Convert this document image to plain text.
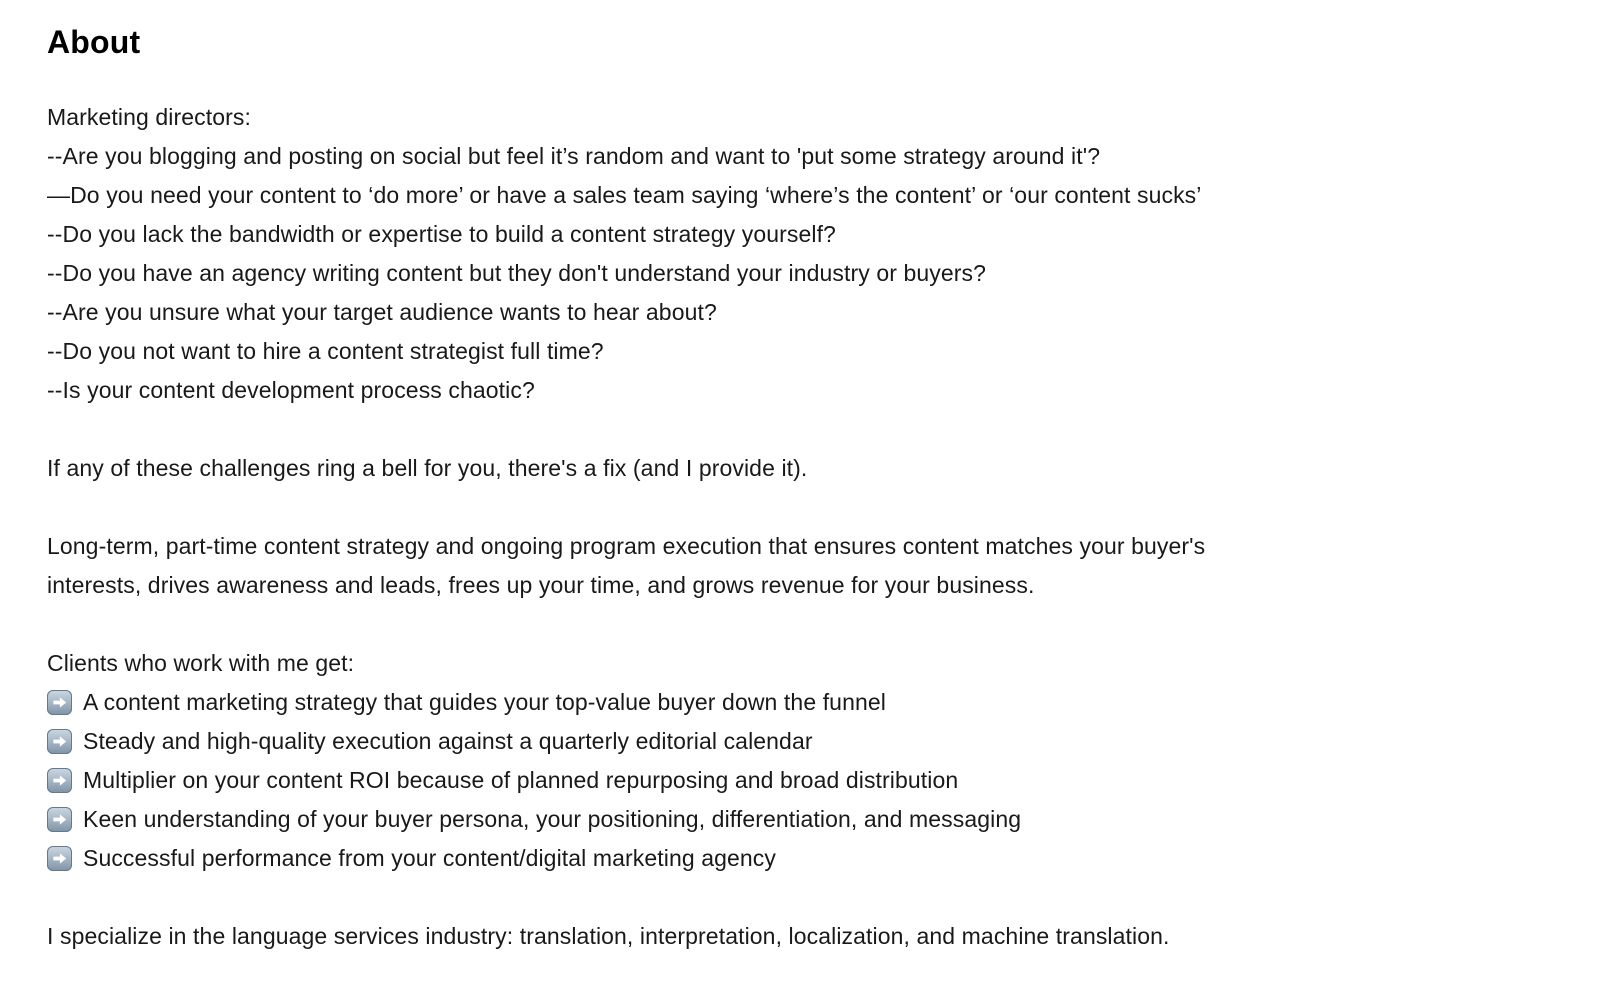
About
Marketing directors:
--Are you blogging and posting on social but feel it’s random and want to 'put some strategy around it'?
—Do you need your content to ‘do more’ or have a sales team saying ‘where’s the content’ or ‘our content sucks’
--Do you lack the bandwidth or expertise to build a content strategy yourself?
--Do you have an agency writing content but they don't understand your industry or buyers?
--Are you unsure what your target audience wants to hear about?
--Do you not want to hire a content strategist full time?
--Is your content development process chaotic?
If any of these challenges ring a bell for you, there's a fix (and I provide it).
Long-term, part-time content strategy and ongoing program execution that ensures content matches your buyer's
interests, drives awareness and leads, frees up your time, and grows revenue for your business.
Clients who work with me get:
A content marketing strategy that guides your top-value buyer down the funnel
Steady and high-quality execution against a quarterly editorial calendar
Multiplier on your content ROI because of planned repurposing and broad distribution
Keen understanding of your buyer persona, your positioning, differentiation, and messaging
Successful performance from your content/digital marketing agency
I specialize in the language services industry: translation, interpretation, localization, and machine translation.
